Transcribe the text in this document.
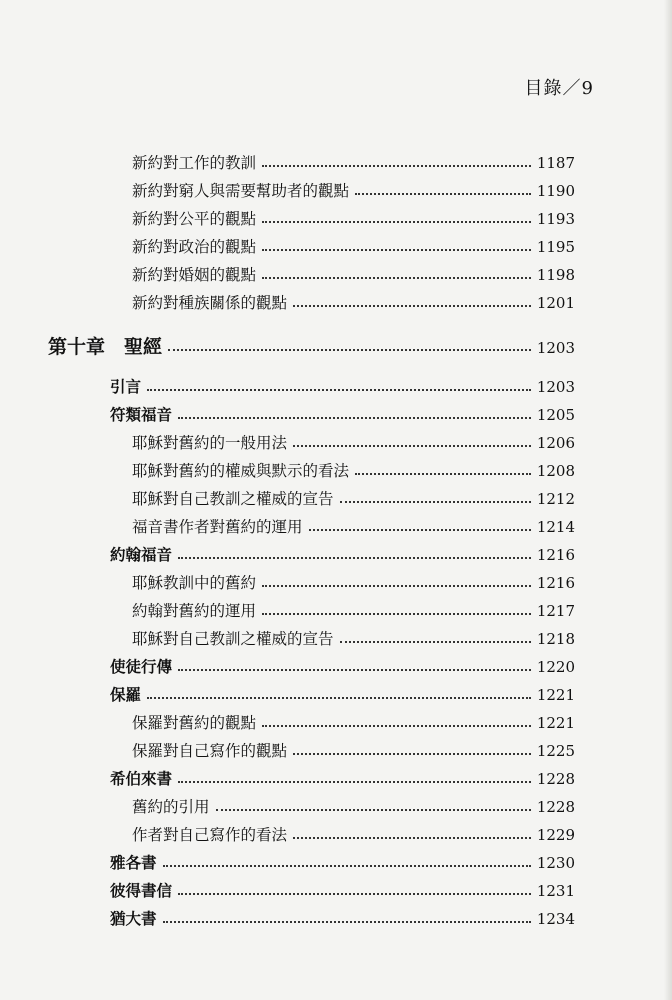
目錄／9
新約對工作的教訓	1187
新約對窮人與需要幫助者的觀點	1190
新約對公平的觀點	1193
新約對政治的觀點	1195
新約對婚姻的觀點	1198
新約對種族關係的觀點	1201
第十章　聖經	1203
引言	1203
符類福音	1205
耶穌對舊約的一般用法	1206
耶穌對舊約的權威與默示的看法	1208
耶穌對自己教訓之權威的宣告	1212
福音書作者對舊約的運用	1214
約翰福音	1216
耶穌教訓中的舊約	1216
約翰對舊約的運用	1217
耶穌對自己教訓之權威的宣告	1218
使徒行傳	1220
保羅	1221
保羅對舊約的觀點	1221
保羅對自己寫作的觀點	1225
希伯來書	1228
舊約的引用	1228
作者對自己寫作的看法	1229
雅各書	1230
彼得書信	1231
猶大書	1234
